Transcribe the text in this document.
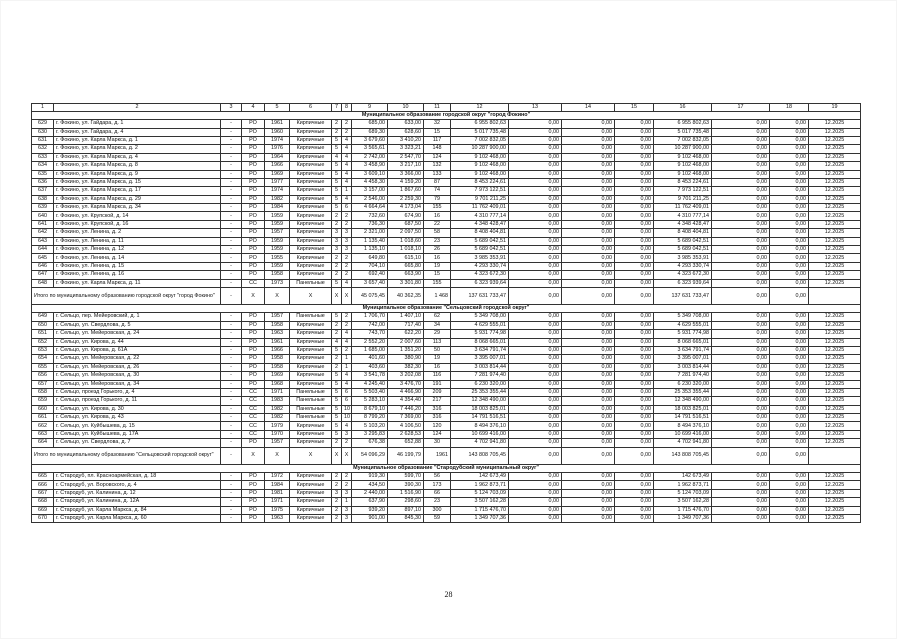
1	2	3	4	5	6	7	8	9	10	11	12	13	14	15	16	17	18	19
Муниципальное образование городской округ "город Фокино"																		
629	г. Фокино, ул. Гайдара, д. 1	-	РО	1961	Кирпичные	2	2	685,00	633,00	32	6 955 802,63	0,00	0,00	0,00	6 955 802,63	0,00	0,00	12.2025
630	г. Фокино, ул. Гайдара, д. 4	-	РО	1960	Кирпичные	2	2	689,30	628,60	15	5 017 735,48	0,00	0,00	0,00	5 017 735,48	0,00	0,00	12.2025
631	г. Фокино, ул. Карла Маркса, д. 1	-	РО	1974	Кирпичные	5	4	3 679,60	3 410,20	117	7 002 832,05	0,00	0,00	0,00	7 002 832,05	0,00	0,00	12.2025
632	г. Фокино, ул. Карла Маркса, д. 2	-	РО	1976	Кирпичные	5	4	3 565,61	3 323,21	148	10 287 900,00	0,00	0,00	0,00	10 287 900,00	0,00	0,00	12.2025
633	г. Фокино, ул. Карла Маркса, д. 4	-	РО	1964	Кирпичные	4	4	2 742,00	2 547,70	124	9 102 468,00	0,00	0,00	0,00	9 102 468,00	0,00	0,00	12.2025
634	г. Фокино, ул. Карла Маркса, д. 8	-	РО	1966	Кирпичные	5	4	3 458,90	3 217,10	132	9 102 468,00	0,00	0,00	0,00	9 102 468,00	0,00	0,00	12.2025
635	г. Фокино, ул. Карла Маркса, д. 9	-	РО	1969	Кирпичные	5	4	3 609,10	3 366,00	133	9 102 468,00	0,00	0,00	0,00	9 102 468,00	0,00	0,00	12.2025
636	г. Фокино, ул. Карла Маркса, д. 15	-	РО	1977	Кирпичные	5	4	4 458,30	4 159,20	87	8 453 224,61	0,00	0,00	0,00	8 453 224,61	0,00	0,00	12.2025
637	г. Фокино, ул. Карла Маркса, д. 17	-	РО	1974	Кирпичные	5	1	3 157,00	1 867,60	74	7 973 122,51	0,00	0,00	0,00	7 973 122,51	0,00	0,00	12.2025
638	г. Фокино, ул. Карла Маркса, д. 29	-	РО	1982	Кирпичные	5	4	2 546,00	2 259,30	79	9 701 211,25	0,00	0,00	0,00	9 701 211,25	0,00	0,00	12.2025
639	г. Фокино, ул. Карла Маркса, д. 34	-	РО	1984	Кирпичные	5	6	4 664,64	4 173,04	155	11 762 409,01	0,00	0,00	0,00	11 762 409,01	0,00	0,00	12.2025
640	г. Фокино, ул. Крупской, д. 14	-	РО	1959	Кирпичные	2	2	732,60	674,90	16	4 310 777,14	0,00	0,00	0,00	4 310 777,14	0,00	0,00	12.2025
641	г. Фокино, ул. Крупской, д. 16	-	РО	1959	Кирпичные	2	2	736,30	687,50	22	4 348 428,47	0,00	0,00	0,00	4 348 428,47	0,00	0,00	12.2025
642	г. Фокино, ул. Ленина, д. 2	-	РО	1957	Кирпичные	3	3	2 321,00	2 097,50	58	8 408 404,81	0,00	0,00	0,00	8 408 404,81	0,00	0,00	12.2025
643	г. Фокино, ул. Ленина, д. 11	-	РО	1959	Кирпичные	3	3	1 135,40	1 018,60	23	5 689 042,51	0,00	0,00	0,00	5 689 042,51	0,00	0,00	12.2025
644	г. Фокино, ул. Ленина, д. 12	-	РО	1959	Кирпичные	3	3	1 135,10	1 018,10	26	5 689 042,51	0,00	0,00	0,00	5 689 042,51	0,00	0,00	12.2025
645	г. Фокино, ул. Ленина, д. 14	-	РО	1955	Кирпичные	2	2	649,80	615,10	16	3 985 353,91	0,00	0,00	0,00	3 985 353,91	0,00	0,00	12.2025
646	г. Фокино, ул. Ленина, д. 15	-	РО	1959	Кирпичные	2	2	704,10	665,80	19	4 293 330,74	0,00	0,00	0,00	4 293 330,74	0,00	0,00	12.2025
647	г. Фокино, ул. Ленина, д. 16	-	РО	1958	Кирпичные	2	2	692,40	663,90	15	4 323 672,30	0,00	0,00	0,00	4 323 672,30	0,00	0,00	12.2025
648	г. Фокино, ул. Карла Маркса, д. 11	-	СС	1973	Панельные	5	4	3 657,40	3 301,80	155	6 323 939,64	0,00	0,00	0,00	6 323 939,64	0,00	0,00	12.2025
Итого по муниципальному образованию городской округ "город Фокино"		-	X	X	X	X	X	45 075,45	40 362,35	1 468	137 631 733,47	0,00	0,00	0,00	137 631 733,47	0,00	0,00	
Муниципальное образование "Сельцовский городской округ"																		
649	г. Сельцо, пер. Мейеровский, д. 1	-	РО	1957	Панельные	5	2	1 706,70	1 407,10	62	5 349 708,00	0,00	0,00	0,00	5 349 708,00	0,00	0,00	12.2025
650	г. Сельцо, ул. Свердлова, д. 5	-	РО	1958	Кирпичные	2	2	742,00	717,40	34	4 629 555,01	0,00	0,00	0,00	4 629 555,01	0,00	0,00	12.2025
651	г. Сельцо, ул. Мейеровская, д. 24	-	РО	1963	Кирпичные	2	4	743,70	622,20	29	5 931 774,98	0,00	0,00	0,00	5 931 774,98	0,00	0,00	12.2025
652	г. Сельцо, ул. Кирова, д. 44	-	РО	1961	Кирпичные	4	4	2 552,20	2 007,60	113	8 068 665,01	0,00	0,00	0,00	8 068 665,01	0,00	0,00	12.2025
653	г. Сельцо, ул. Кирова, д. 61А	-	РО	1966	Кирпичные	5	2	1 685,00	1 351,20	50	3 634 791,74	0,00	0,00	0,00	3 634 791,74	0,00	0,00	12.2025
654	г. Сельцо, ул. Мейеровская, д. 22	-	РО	1958	Кирпичные	2	1	401,60	380,90	19	3 395 007,01	0,00	0,00	0,00	3 395 007,01	0,00	0,00	12.2025
655	г. Сельцо, ул. Мейеровская, д. 26	-	РО	1958	Кирпичные	2	1	403,60	382,30	16	3 003 814,44	0,00	0,00	0,00	3 003 814,44	0,00	0,00	12.2025
656	г. Сельцо, ул. Мейеровская, д. 30	-	РО	1969	Кирпичные	5	4	3 541,78	3 202,08	116	7 281 974,40	0,00	0,00	0,00	7 281 974,40	0,00	0,00	12.2025
657	г. Сельцо, ул. Мейеровская, д. 34	-	РО	1968	Кирпичные	5	4	4 245,40	3 476,70	191	6 230 320,00	0,00	0,00	0,00	6 230 320,00	0,00	0,00	12.2025
658	г. Сельцо, проезд Горького, д. 4	-	СС	1971	Панельные	5	6	5 503,40	4 466,90	209	25 353 355,44	0,00	0,00	0,00	25 353 355,44	0,00	0,00	12.2025
659	г. Сельцо, проезд Горького, д. 11	-	СС	1983	Панельные	5	6	5 283,10	4 354,40	217	12 348 490,00	0,00	0,00	0,00	12 348 490,00	0,00	0,00	12.2025
660	г. Сельцо, ул. Кирова, д. 30	-	СС	1982	Панельные	5	10	8 679,10	7 446,20	316	18 003 825,01	0,00	0,00	0,00	18 003 825,01	0,00	0,00	12.2025
661	г. Сельцо, ул. Кирова, д. 43	-	СС	1982	Панельные	5	10	8 799,20	7 369,00	316	14 791 516,51	0,00	0,00	0,00	14 791 516,51	0,00	0,00	12.2025
662	г. Сельцо, ул. Куйбышева, д. 15	-	СС	1979	Кирпичные	5	4	5 103,20	4 106,50	120	8 494 376,10	0,00	0,00	0,00	8 494 376,10	0,00	0,00	12.2025
663	г. Сельцо, ул. Куйбышева, д. 17А	-	СС	1970	Кирпичные	5	3	3 295,83	2 628,53	124	10 699 416,00	0,00	0,00	0,00	10 699 416,00	0,00	0,00	12.2025
664	г. Сельцо, ул. Свердлова, д. 7	-	РО	1957	Кирпичные	2	2	676,38	652,88	30	4 702 941,80	0,00	0,00	0,00	4 702 941,80	0,00	0,00	12.2025
Итого по муниципальному образованию "Сельцовский городской округ"		-	X	X	X	X	X	54 096,29	46 199,79	1961	143 808 705,45	0,00	0,00	0,00	143 808 705,45	0,00	0,00	
Муниципальное образование "Стародубский муниципальный округ"																		
665	г. Стародуб, пл. Красноармейская, д. 18	-	РО	1972	Кирпичные	2	2	919,30	599,70	56	142 673,49	0,00	0,00	0,00	142 673,49	0,00	0,00	12.2025
666	г. Стародуб, ул. Воровского, д. 4	-	РО	1984	Кирпичные	2	2	434,50	390,30	173	1 962 873,71	0,00	0,00	0,00	1 962 873,71	0,00	0,00	12.2025
667	г. Стародуб, ул. Калинина, д. 12	-	РО	1981	Кирпичные	3	3	2 440,00	1 516,90	66	5 124 703,09	0,00	0,00	0,00	5 124 703,09	0,00	0,00	12.2025
668	г. Стародуб, ул. Калинина, д. 12А	-	РО	1971	Кирпичные	2	1	637,90	298,60	23	3 507 162,28	0,00	0,00	0,00	3 507 162,28	0,00	0,00	12.2025
669	г. Стародуб, ул. Карла Маркса, д. 84	-	РО	1975	Кирпичные	2	3	939,20	897,10	300	1 715 476,70	0,00	0,00	0,00	1 715 476,70	0,00	0,00	12.2025
670	г. Стародуб, ул. Карла Маркса, д. 60	-	РО	1963	Кирпичные	2	3	901,00	845,30	59	1 349 707,36	0,00	0,00	0,00	1 349 707,36	0,00	0,00	12.2025
28
